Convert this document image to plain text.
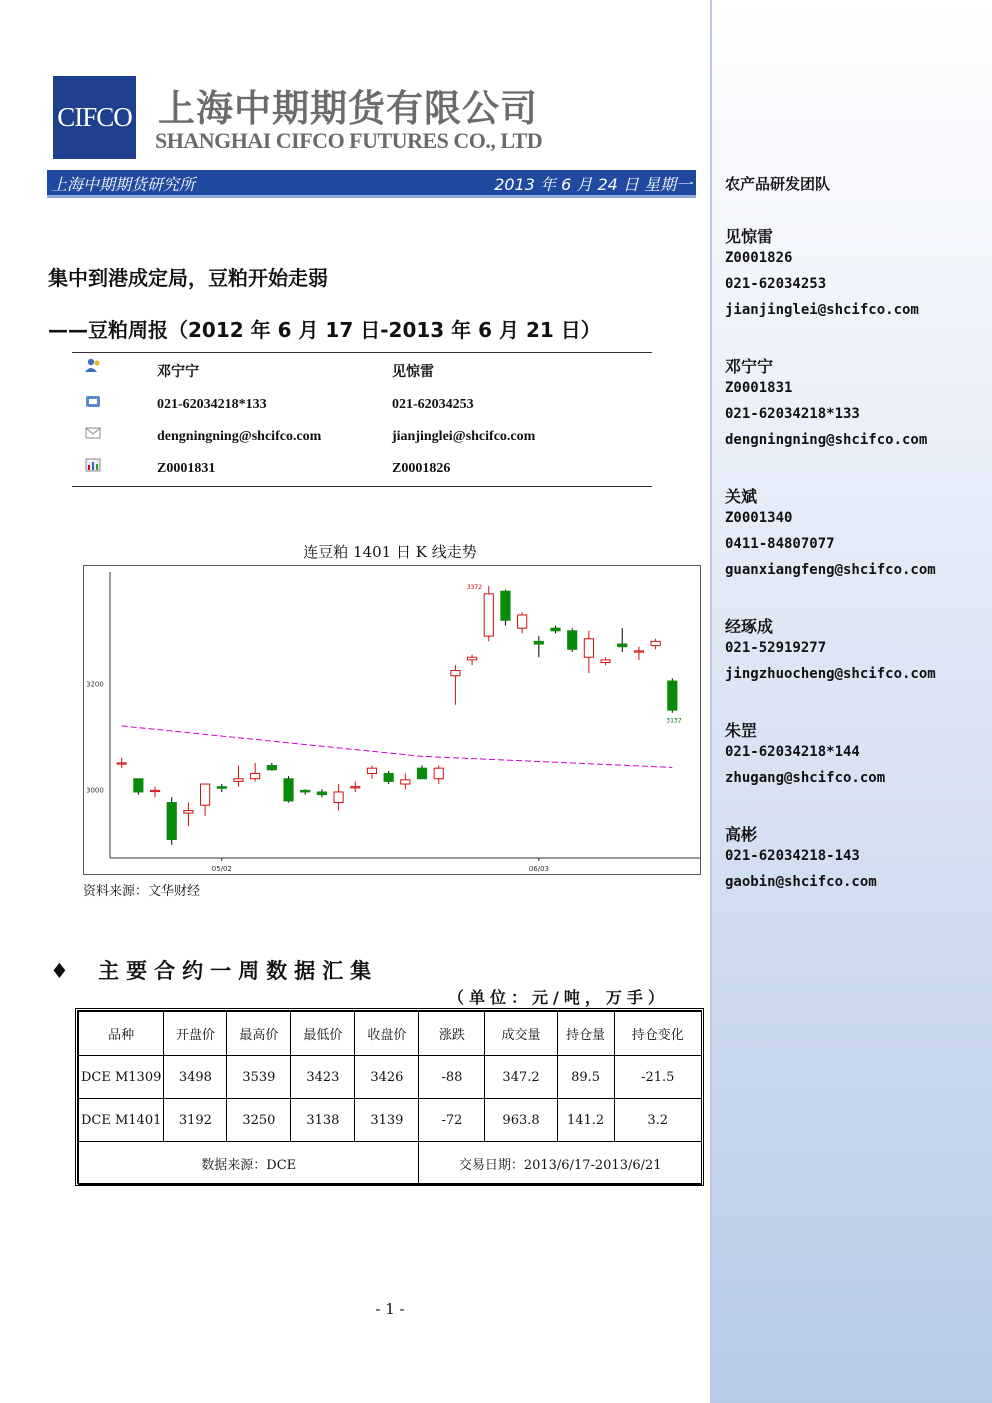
CIFCO 上海中期期货有限公司
SHANGHAI CIFCO FUTURES CO., LTD
上海中期期货研究所	2013 年 6 月 24 日 星期一
集中到港成定局，豆粕开始走弱
——豆粕周报（2012 年 6 月 17 日-2013 年 6 月 21 日）
邓宁宁	见惊雷
021-62034218*133	021-62034253
dengningning@shcifco.com	jianjinglei@shcifco.com
Z0001831	Z0001826
连豆粕 1401 日 K 线走势
3200
3000
05/02	06/03
3372
3137
资料来源：文华财经
♦ 主要合约一周数据汇集
（单位：元/吨，万手）
品种	开盘价	最高价	最低价	收盘价	涨跌	成交量	持仓量	持仓变化
DCE M1309	3498	3539	3423	3426	-88	347.2	89.5	-21.5
DCE M1401	3192	3250	3138	3139	-72	963.8	141.2	3.2
数据来源：DCE					交易日期：2013/6/17-2013/6/21			
- 1 -
农产品研发团队
见惊雷
Z0001826
021-62034253
jianjinglei@shcifco.com
邓宁宁
Z0001831
021-62034218*133
dengningning@shcifco.com
关斌
Z0001340
0411-84807077
guanxiangfeng@shcifco.com
经琢成
021-52919277
jingzhuocheng@shcifco.com
朱罡
021-62034218*144
zhugang@shcifco.com
高彬
021-62034218-143
gaobin@shcifco.com
